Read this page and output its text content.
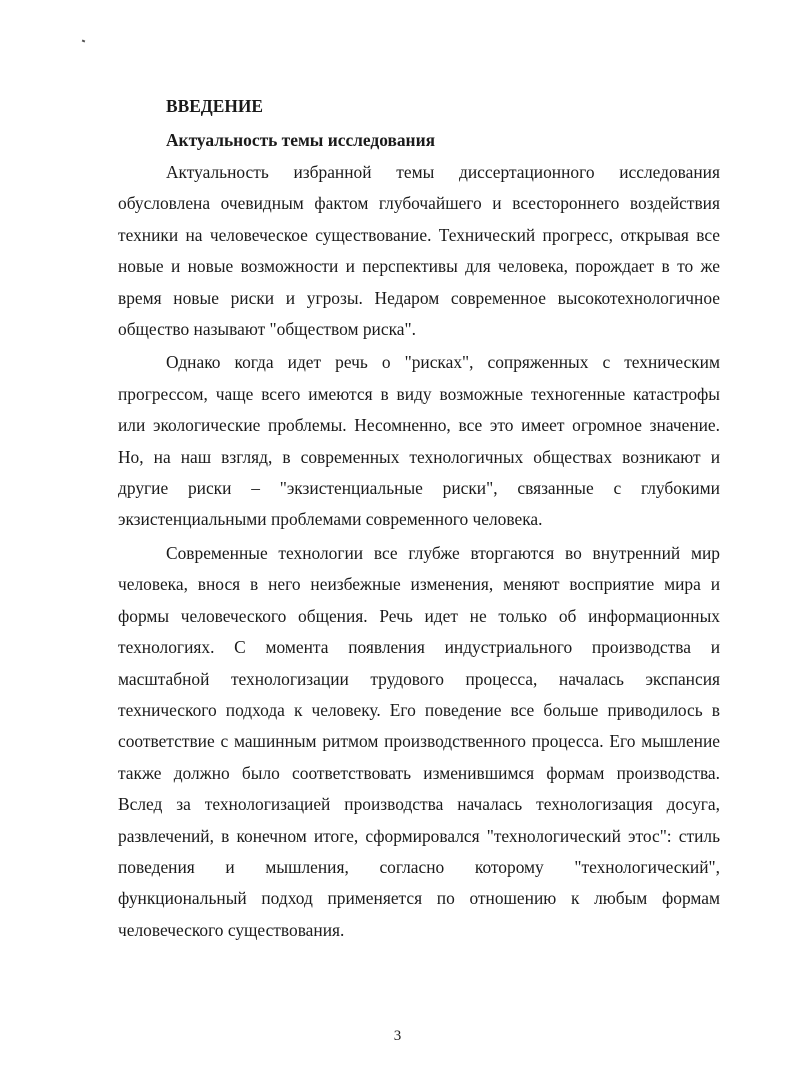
ВВЕДЕНИЕ
Актуальность темы исследования

Актуальность избранной темы диссертационного исследования обусловлена очевидным фактом глубочайшего и всестороннего воздействия техники на человеческое существование. Технический прогресс, открывая все новые и новые возможности и перспективы для человека, порождает в то же время новые риски и угрозы. Недаром современное высокотехнологичное общество называют "обществом риска".

Однако когда идет речь о "рисках", сопряженных с техническим прогрессом, чаще всего имеются в виду возможные техногенные катастрофы или экологические проблемы. Несомненно, все это имеет огромное значение. Но, на наш взгляд, в современных технологичных обществах возникают и другие риски – "экзистенциальные риски", связанные с глубокими экзистенциальными проблемами современного человека.

Современные технологии все глубже вторгаются во внутренний мир человека, внося в него неизбежные изменения, меняют восприятие мира и формы человеческого общения. Речь идет не только об информационных технологиях. С момента появления индустриального производства и масштабной технологизации трудового процесса, началась экспансия технического подхода к человеку. Его поведение все больше приводилось в соответствие с машинным ритмом производственного процесса. Его мышление также должно было соответствовать изменившимся формам производства. Вслед за технологизацией производства началась технологизация досуга, развлечений, в конечном итоге, сформировался "технологический этос": стиль поведения и мышления, согласно которому "технологический", функциональный подход применяется по отношению к любым формам человеческого существования.

3
